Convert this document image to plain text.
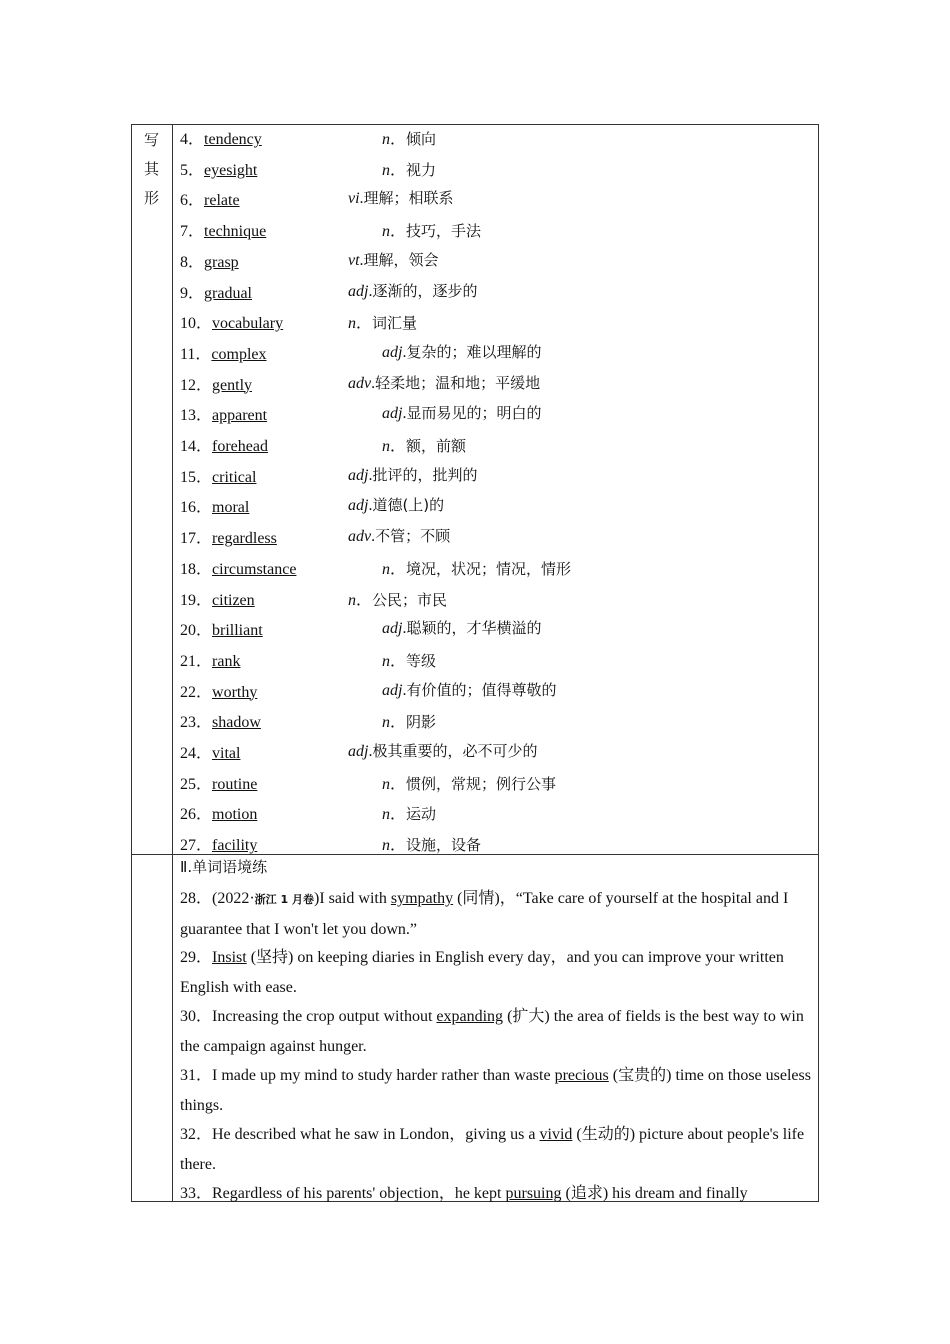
写
其
形
4．tendency	n．倾向
5．eyesight	n．视力
6．relate	vi.理解；相联系
7．technique	n．技巧，手法
8．grasp	vt.理解，领会
9．gradual	adj.逐渐的，逐步的
10．vocabulary	n．词汇量
11．complex	adj.复杂的；难以理解的
12．gently	adv.轻柔地；温和地；平缓地
13．apparent	adj.显而易见的；明白的
14．forehead	n．额，前额
15．critical	adj.批评的，批判的
16．moral	adj.道德(上)的
17．regardless	adv.不管；不顾
18．circumstance	n．境况，状况；情况，情形
19．citizen	n．公民；市民
20．brilliant	adj.聪颖的，才华横溢的
21．rank	n．等级
22．worthy	adj.有价值的；值得尊敬的
23．shadow	n．阴影
24．vital	adj.极其重要的，必不可少的
25．routine	n．惯例，常规；例行公事
26．motion	n．运动
27．facility	n．设施，设备
Ⅱ.单词语境练
28．(2022·浙江 1 月卷)I said with sympathy (同情)，“Take care of yourself at the hospital and I guarantee that I won't let you down.”
29．Insist (坚持) on keeping diaries in English every day，and you can improve your written English with ease.
30．Increasing the crop output without expanding (扩大) the area of fields is the best way to win the campaign against hunger.
31．I made up my mind to study harder rather than waste precious (宝贵的) time on those useless things.
32．He described what he saw in London，giving us a vivid (生动的) picture about people's life there.
33．Regardless of his parents' objection，he kept pursuing (追求) his dream and finally
